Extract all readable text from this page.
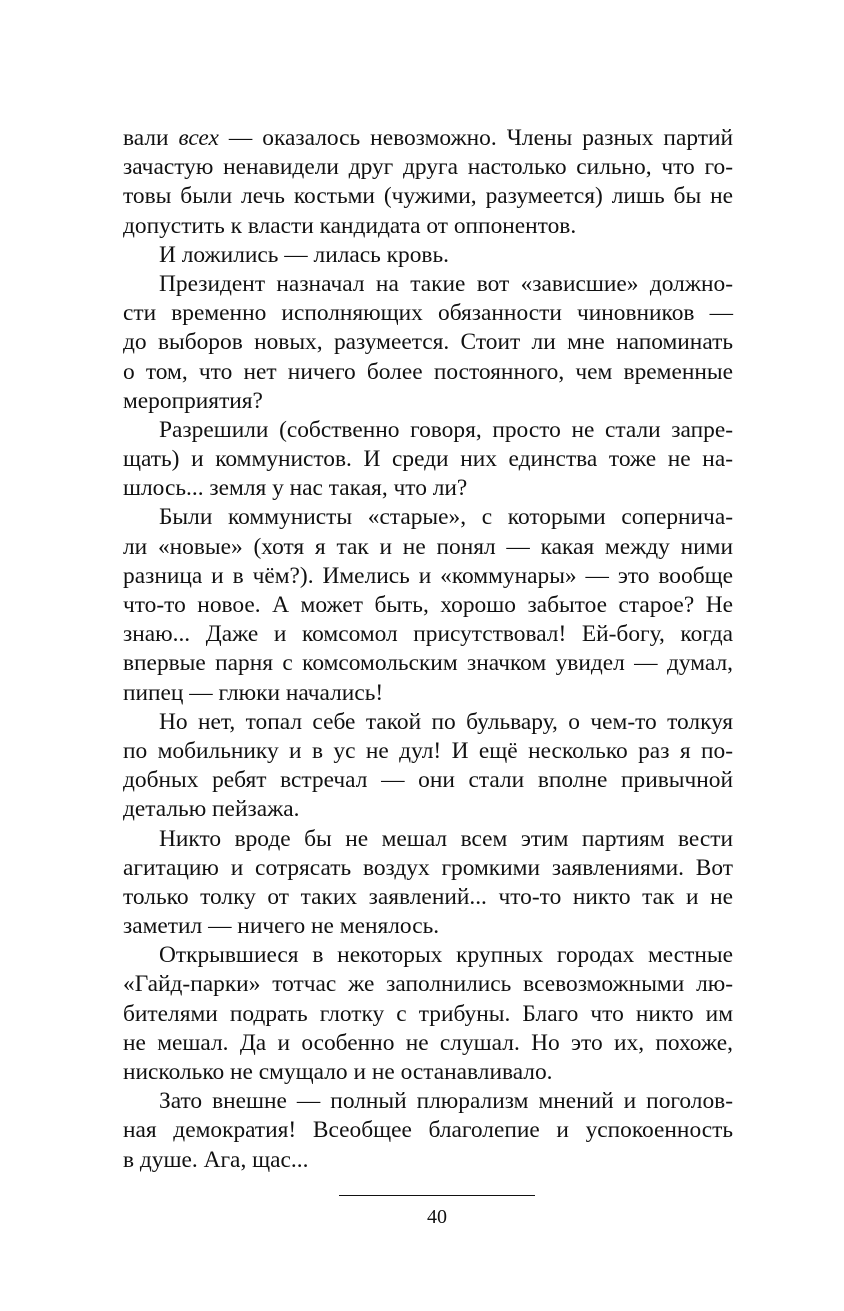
вали всех — оказалось невозможно. Члены разных партий
зачастую ненавидели друг друга настолько сильно, что го-
товы были лечь костьми (чужими, разумеется) лишь бы не
допустить к власти кандидата от оппонентов.
И ложились — лилась кровь.
Президент назначал на такие вот «зависшие» должно-
сти временно исполняющих обязанности чиновников —
до выборов новых, разумеется. Стоит ли мне напоминать
о том, что нет ничего более постоянного, чем временные
мероприятия?
Разрешили (собственно говоря, просто не стали запре-
щать) и коммунистов. И среди них единства тоже не на-
шлось... земля у нас такая, что ли?
Были коммунисты «старые», с которыми соперничa-
ли «новые» (хотя я так и не понял — какая между ними
разница и в чём?). Имелись и «коммунары» — это вообще
что-то новое. А может быть, хорошо забытое старое? Не
знаю... Даже и комсомол присутствовал! Ей-богу, когда
впервые парня с комсомольским значком увидел — думал,
пипец — глюки начались!
Но нет, топал себе такой по бульвару, о чем-то толкуя
по мобильнику и в ус не дул! И ещё несколько раз я по-
добных ребят встречал — они стали вполне привычной
деталью пейзажа.
Никто вроде бы не мешал всем этим партиям вести
агитацию и сотрясать воздух громкими заявлениями. Вот
только толку от таких заявлений... что-то никто так и не
заметил — ничего не менялось.
Открывшиеся в некоторых крупных городах местные
«Гайд-парки» тотчас же заполнились всевозможными лю-
бителями подрать глотку с трибуны. Благо что никто им
не мешал. Да и особенно не слушал. Но это их, похоже,
нисколько не смущало и не останавливало.
Зато внешне — полный плюрализм мнений и поголов-
ная демократия! Всеобщее благолепие и успокоенность
в душе. Ага, щас...
40
